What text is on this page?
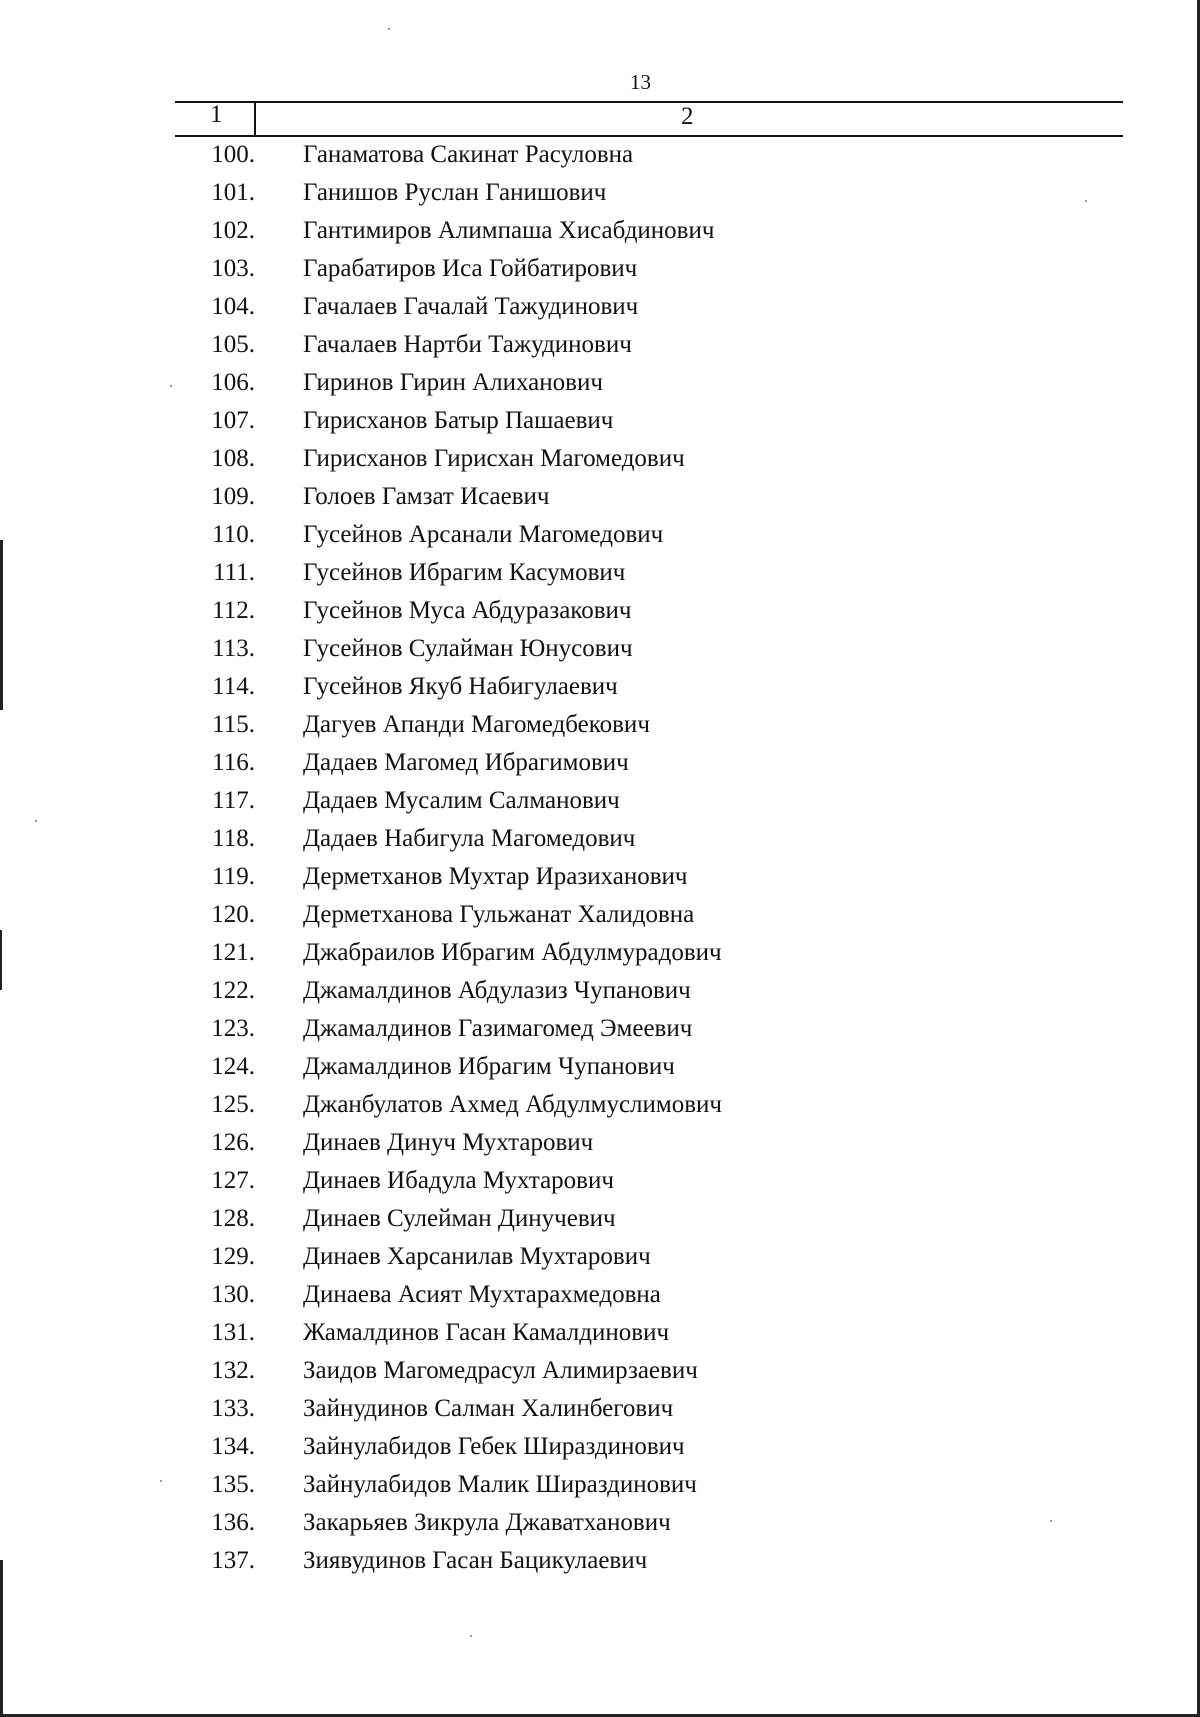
13
1	2
100. Ганаматова Сакинат Расуловна
101. Ганишов Руслан Ганишович
102. Гантимиров Алимпаша Хисабдинович
103. Гарабатиров Иса Гойбатирович
104. Гачалаев Гачалай Тажудинович
105. Гачалаев Нартби Тажудинович
106. Гиринов Гирин Алиханович
107. Гирисханов Батыр Пашаевич
108. Гирисханов Гирисхан Магомедович
109. Голоев Гамзат Исаевич
110. Гусейнов Арсанали Магомедович
111. Гусейнов Ибрагим Касумович
112. Гусейнов Муса Абдуразакович
113. Гусейнов Сулайман Юнусович
114. Гусейнов Якуб Набигулаевич
115. Дагуев Апанди Магомедбекович
116. Дадаев Магомед Ибрагимович
117. Дадаев Мусалим Салманович
118. Дадаев Набигула Магомедович
119. Дерметханов Мухтар Иразиханович
120. Дерметханова Гульжанат Халидовна
121. Джабраилов Ибрагим Абдулмурадович
122. Джамалдинов Абдулазиз Чупанович
123. Джамалдинов Газимагомед Эмеевич
124. Джамалдинов Ибрагим Чупанович
125. Джанбулатов Ахмед Абдулмуслимович
126. Динаев Динуч Мухтарович
127. Динаев Ибадула Мухтарович
128. Динаев Сулейман Динучевич
129. Динаев Харсанилав Мухтарович
130. Динаева Асият Мухтарахмедовна
131. Жамалдинов Гасан Камалдинович
132. Заидов Магомедрасул Алимирзаевич
133. Зайнудинов Салман Халинбегович
134. Зайнулабидов Гебек Шираздинович
135. Зайнулабидов Малик Шираздинович
136. Закарьяев Зикрула Джаватханович
137. Зиявудинов Гасан Бацикулаевич
